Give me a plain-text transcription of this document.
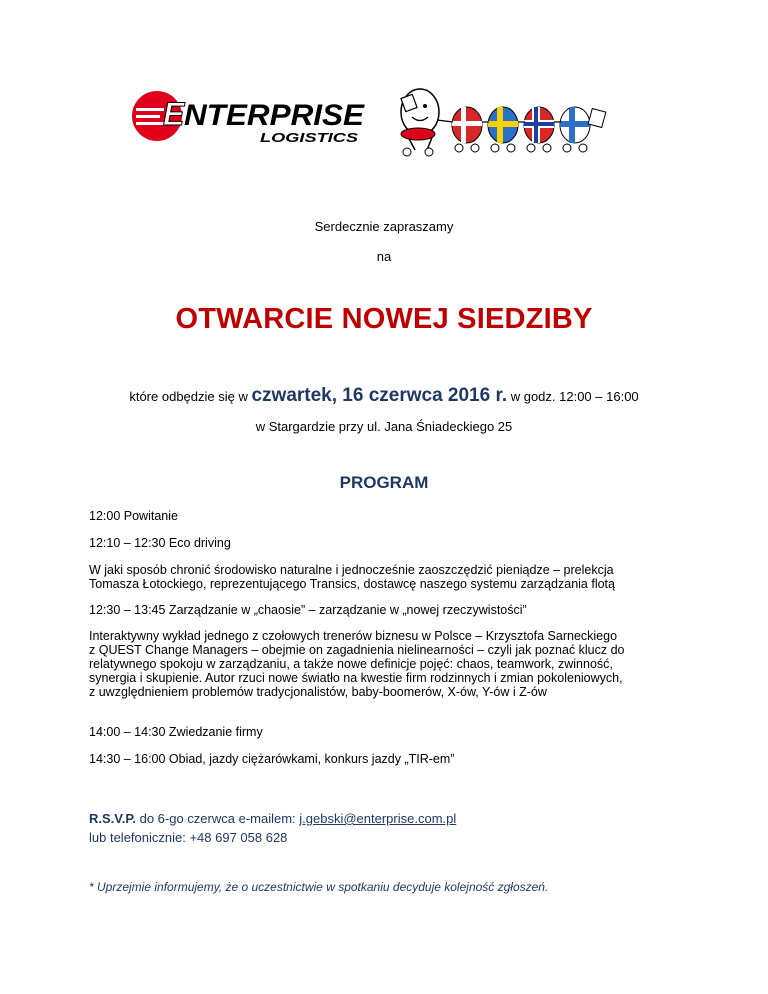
E NTERPRISE
LOGISTICS
Serdecznie zapraszamy
na
OTWARCIE NOWEJ SIEDZIBY
które odbędzie się w czwartek, 16 czerwca 2016 r. w godz. 12:00 – 16:00
w Stargardzie przy ul. Jana Śniadeckiego 25
PROGRAM
12:00 Powitanie
12:10 – 12:30 Eco driving
W jaki sposób chronić środowisko naturalne i jednocześnie zaoszczędzić pieniądze – prelekcja
Tomasza Łotockiego, reprezentującego Transics, dostawcę naszego systemu zarządzania flotą
12:30 – 13:45 Zarządzanie w „chaosie” – zarządzanie w „nowej rzeczywistości”
Interaktywny wykład jednego z czołowych trenerów biznesu w Polsce – Krzysztofa Sarneckiego
z QUEST Change Managers – obejmie on zagadnienia nielinearności – czyli jak poznać klucz do
relatywnego spokoju w zarządzaniu, a także nowe definicje pojęć: chaos, teamwork, zwinność,
synergia i skupienie. Autor rzuci nowe światło na kwestie firm rodzinnych i zmian pokoleniowych,
z uwzględnieniem problemów tradycjonalistów, baby-boomerów, X-ów, Y-ów i Z-ów
14:00 – 14:30 Zwiedzanie firmy
14:30 – 16:00 Obiad, jazdy ciężarówkami, konkurs jazdy „TIR-em”
R.S.V.P. do 6-go czerwca e-mailem: j.gebski@enterprise.com.pl
lub telefonicznie: +48 697 058 628
* Uprzejmie informujemy, że o uczestnictwie w spotkaniu decyduje kolejność zgłoszeń.
